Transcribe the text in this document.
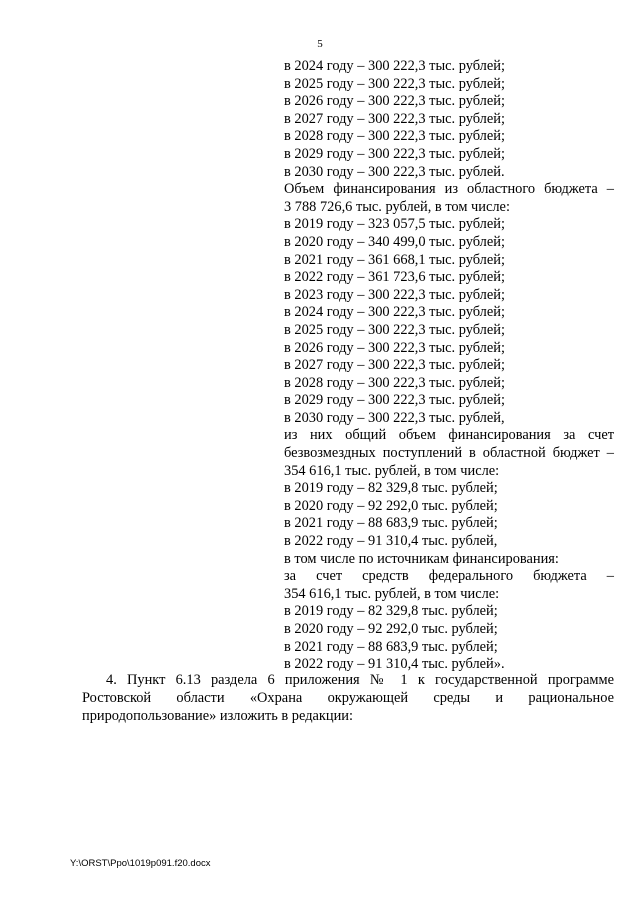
5
в 2024 году – 300 222,3 тыс. рублей;
в 2025 году – 300 222,3 тыс. рублей;
в 2026 году – 300 222,3 тыс. рублей;
в 2027 году – 300 222,3 тыс. рублей;
в 2028 году – 300 222,3 тыс. рублей;
в 2029 году – 300 222,3 тыс. рублей;
в 2030 году – 300 222,3 тыс. рублей.
Объем финансирования из областного бюджета –
3 788 726,6 тыс. рублей, в том числе:
в 2019 году – 323 057,5 тыс. рублей;
в 2020 году – 340 499,0 тыс. рублей;
в 2021 году – 361 668,1 тыс. рублей;
в 2022 году – 361 723,6 тыс. рублей;
в 2023 году – 300 222,3 тыс. рублей;
в 2024 году – 300 222,3 тыс. рублей;
в 2025 году – 300 222,3 тыс. рублей;
в 2026 году – 300 222,3 тыс. рублей;
в 2027 году – 300 222,3 тыс. рублей;
в 2028 году – 300 222,3 тыс. рублей;
в 2029 году – 300 222,3 тыс. рублей;
в 2030 году – 300 222,3 тыс. рублей,
из них общий объем финансирования за счет
безвозмездных поступлений в областной бюджет –
354 616,1 тыс. рублей, в том числе:
в 2019 году – 82 329,8 тыс. рублей;
в 2020 году – 92 292,0 тыс. рублей;
в 2021 году – 88 683,9 тыс. рублей;
в 2022 году – 91 310,4 тыс. рублей,
в том числе по источникам финансирования:
за счет средств федерального бюджета –
354 616,1 тыс. рублей, в том числе:
в 2019 году – 82 329,8 тыс. рублей;
в 2020 году – 92 292,0 тыс. рублей;
в 2021 году – 88 683,9 тыс. рублей;
в 2022 году – 91 310,4 тыс. рублей».
4. Пункт 6.13 раздела 6 приложения № 1 к государственной программе
Ростовской области «Охрана окружающей среды и рациональное
природопользование» изложить в редакции:
Y:\ORST\Ppo\1019p091.f20.docx
